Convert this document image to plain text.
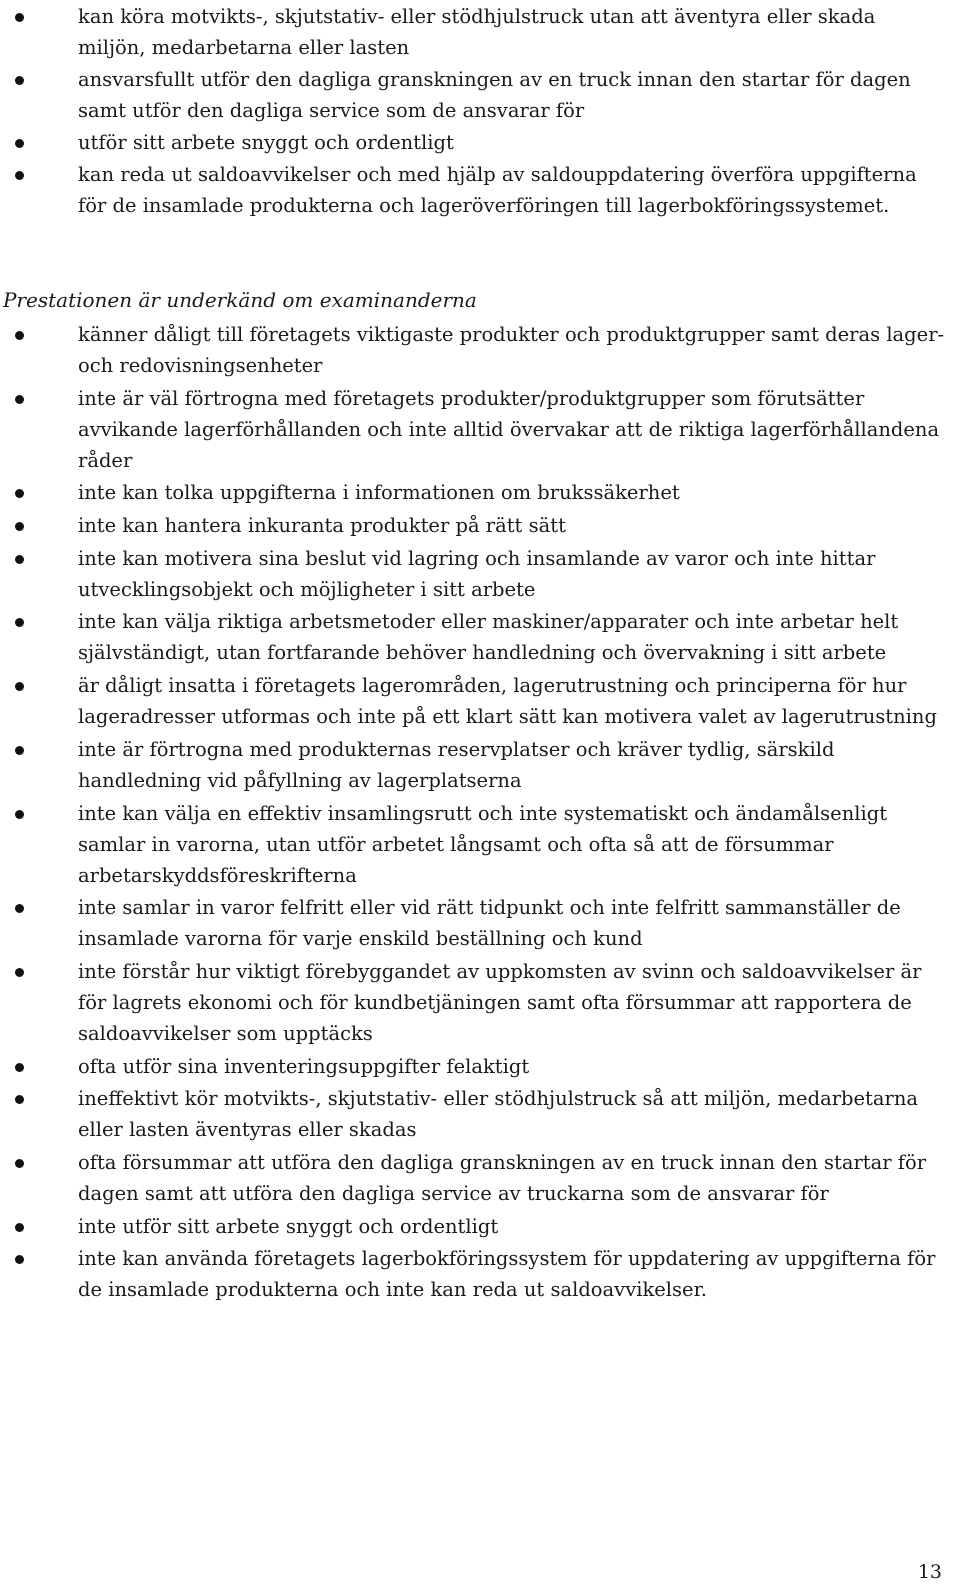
kan köra motvikts-, skjutstativ- eller stödhjulstruck utan att äventyra eller skada miljön, medarbetarna eller lasten
ansvarsfullt utför den dagliga granskningen av en truck innan den startar för dagen samt utför den dagliga service som de ansvarar för
utför sitt arbete snyggt och ordentligt
kan reda ut saldoavvikelser och med hjälp av saldouppdatering överföra uppgifterna för de insamlade produkterna och lageröverföringen till lagerbokföringssystemet.

Prestationen är underkänd om examinanderna

känner dåligt till företagets viktigaste produkter och produktgrupper samt deras lager- och redovisningsenheter
inte är väl förtrogna med företagets produkter/produktgrupper som förutsätter avvikande lagerförhållanden och inte alltid övervakar att de riktiga lagerförhållandena råder
inte kan tolka uppgifterna i informationen om brukssäkerhet
inte kan hantera inkuranta produkter på rätt sätt
inte kan motivera sina beslut vid lagring och insamlande av varor och inte hittar utvecklingsobjekt och möjligheter i sitt arbete
inte kan välja riktiga arbetsmetoder eller maskiner/apparater och inte arbetar helt självständigt, utan fortfarande behöver handledning och övervakning i sitt arbete
är dåligt insatta i företagets lagerområden, lagerutrustning och principerna för hur lageradresser utformas och inte på ett klart sätt kan motivera valet av lagerutrustning
inte är förtrogna med produkternas reservplatser och kräver tydlig, särskild handledning vid påfyllning av lagerplatserna
inte kan välja en effektiv insamlingsrutt och inte systematiskt och ändamålsenligt samlar in varorna, utan utför arbetet långsamt och ofta så att de försummar arbetarskyddsföreskrifterna
inte samlar in varor felfritt eller vid rätt tidpunkt och inte felfritt sammanställer de insamlade varorna för varje enskild beställning och kund
inte förstår hur viktigt förebyggandet av uppkomsten av svinn och saldoavvikelser är för lagrets ekonomi och för kundbetjäningen samt ofta försummar att rapportera de saldoavvikelser som upptäcks
ofta utför sina inventeringsuppgifter felaktigt
ineffektivt kör motvikts-, skjutstativ- eller stödhjulstruck så att miljön, medarbetarna eller lasten äventyras eller skadas
ofta försummar att utföra den dagliga granskningen av en truck innan den startar för dagen samt att utföra den dagliga service av truckarna som de ansvarar för
inte utför sitt arbete snyggt och ordentligt
inte kan använda företagets lagerbokföringssystem för uppdatering av uppgifterna för de insamlade produkterna och inte kan reda ut saldoavvikelser.
13
